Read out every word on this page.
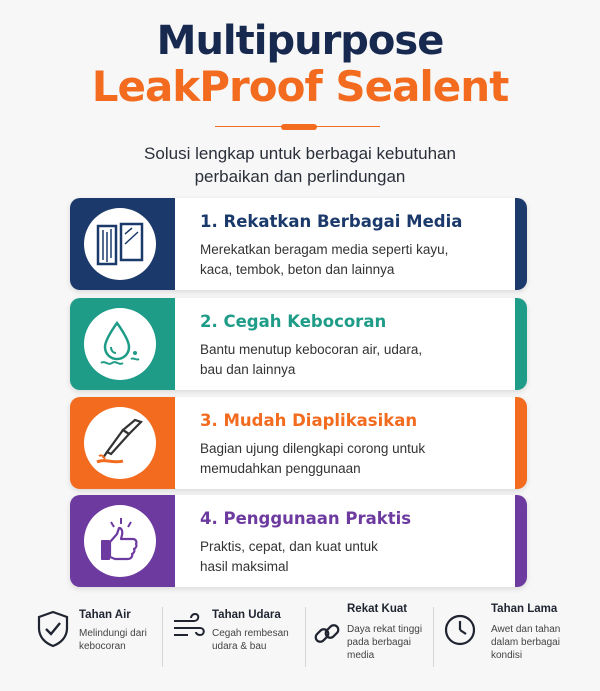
Multipurpose
LeakProof Sealent
Solusi lengkap untuk berbagai kebutuhan
perbaikan dan perlindungan
1. Rekatkan Berbagai Media
Merekatkan beragam media seperti kayu,
kaca, tembok, beton dan lainnya
2. Cegah Kebocoran
Bantu menutup kebocoran air, udara,
bau dan lainnya
3. Mudah Diaplikasikan
Bagian ujung dilengkapi corong untuk
memudahkan penggunaan
4. Penggunaan Praktis
Praktis, cepat, dan kuat untuk
hasil maksimal
Tahan Air
Melindungi dari
kebocoran
Tahan Udara
Cegah rembesan
udara & bau
Rekat Kuat
Daya rekat tinggi
pada berbagai
media
Tahan Lama
Awet dan tahan
dalam berbagai
kondisi
